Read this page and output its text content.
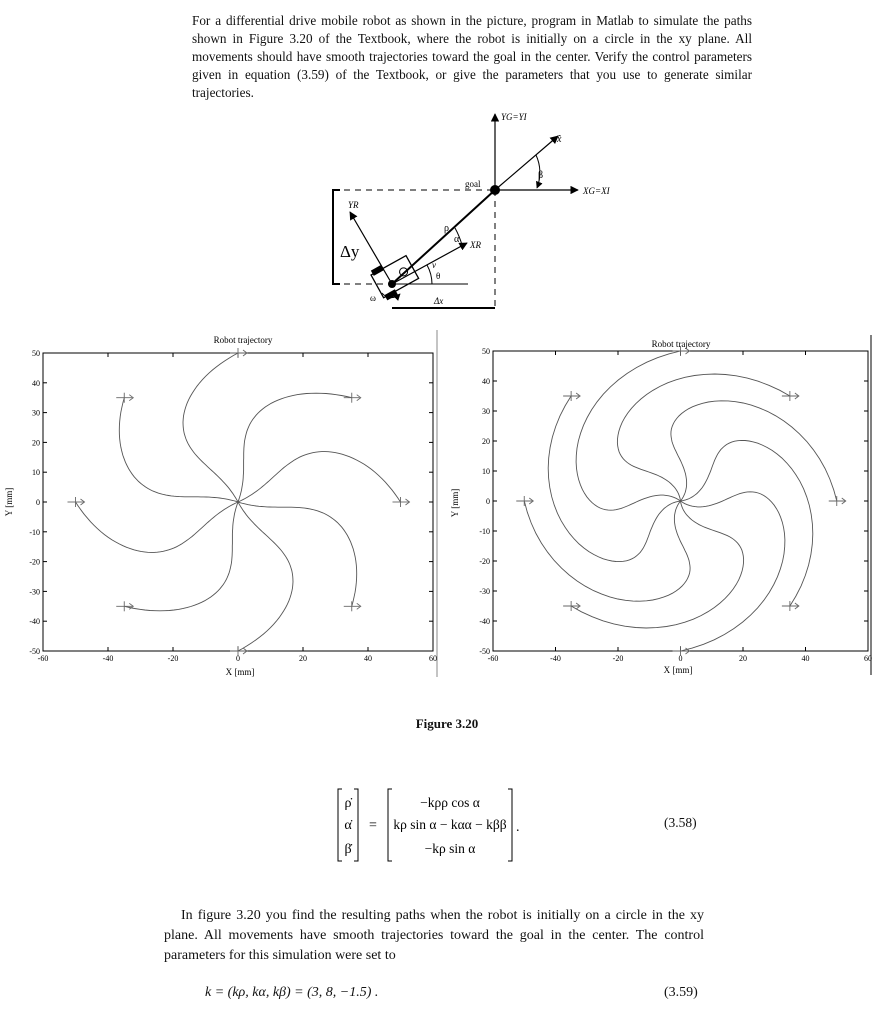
For a differential drive mobile robot as shown in the picture, program in Matlab to simulate the paths shown in Figure 3.20 of the Textbook, where the robot is initially on a circle in the xy plane. All movements should have smooth trajectories toward the goal in the center. Verify the control parameters given in equation (3.59) of the Textbook, or give the parameters that you use to generate similar trajectories.

YG=YI
x̂
β
goal
XG=XI
YR
ρ
α XR
Δy
v
θ
ω	Δx
Robot trajectory
X [mm]
Y [mm]
-60	-40	-20	0	20	40	60
-50
-40
-30
-20
-10
0
10
20
30
40
50
Robot trajectory
X [mm]
Y [mm]
-60	-40	-20	0	20	40	60
-50
-40
-30
-20
-10
0
10
20
30
40
50
Figure 3.20
ρ̇
α̇
β̇
=
−kρρ cos α
kρ sin α − kαα − kββ
−kρ sin α
.	(3.58)

In figure 3.20 you find the resulting paths when the robot is initially on a circle in the xy plane. All movements have smooth trajectories toward the goal in the center. The control parameters for this simulation were set to

k = (kρ, kα, kβ) = (3, 8, −1.5) .	(3.59)
